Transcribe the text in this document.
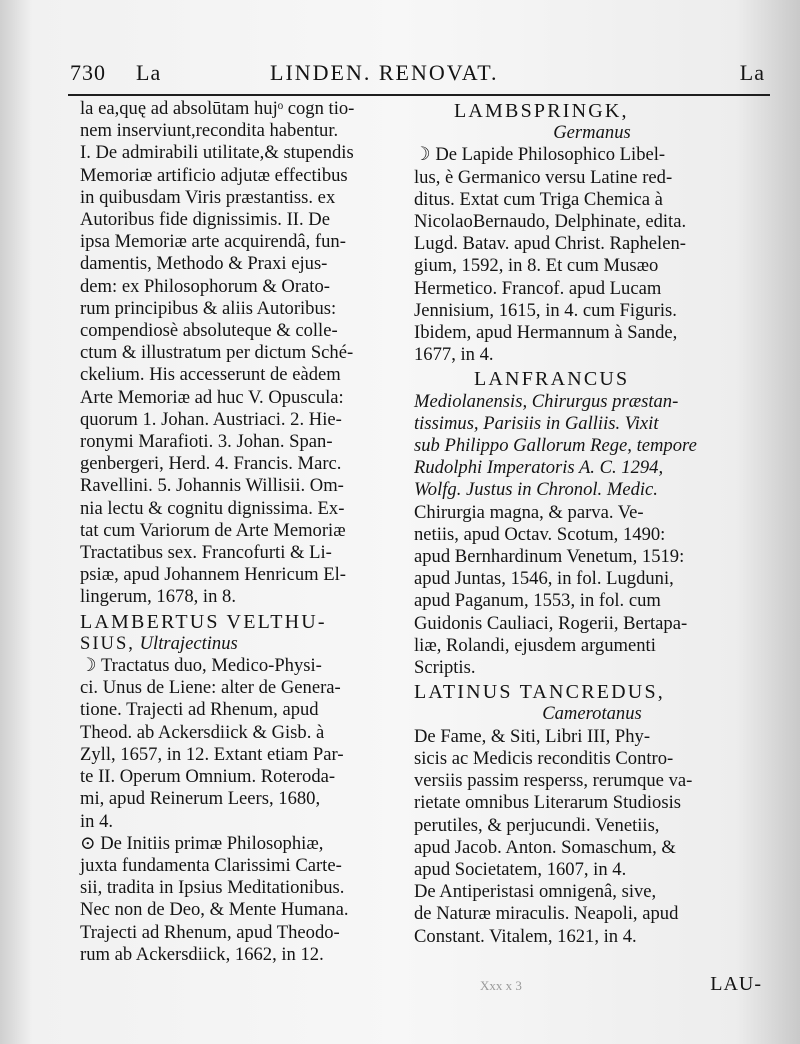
730 La	LINDEN. RENOVAT.	La
la ea,quę ad absolūtam hujᵒ cogn tio-
nem inserviunt,recondita habentur.
I. De admirabili utilitate,& stupendis
Memoriæ artificio adjutæ effectibus
in quibusdam Viris præstantiss. ex
Autoribus fide dignissimis. II. De
ipsa Memoriæ arte acquirendâ, fun-
damentis, Methodo & Praxi ejus-
dem: ex Philosophorum & Orato-
rum principibus & aliis Autoribus:
compendiosè absoluteque & colle-
ctum & illustratum per dictum Sché-
ckelium. His accesserunt de eàdem
Arte Memoriæ ad huc V. Opuscula:
quorum 1. Johan. Austriaci. 2. Hie-
ronymi Marafioti. 3. Johan. Span-
genbergeri, Herd. 4. Francis. Marc.
Ravellini. 5. Johannis Willisii. Om-
nia lectu & cognitu dignissima. Ex-
tat cum Variorum de Arte Memoriæ
Tractatibus sex. Francofurti & Li-
psiæ, apud Johannem Henricum El-
lingerum, 1678, in 8.
LAMBERTUS VELTHU-
SIUS, Ultrajectinus
☽ Tractatus duo, Medico-Physi-
ci. Unus de Liene: alter de Genera-
tione. Trajecti ad Rhenum, apud
Theod. ab Ackersdiick & Gisb. à
Zyll, 1657, in 12. Extant etiam Par-
te II. Operum Omnium. Roteroda-
mi, apud Reinerum Leers, 1680,
in 4.
⊙ De Initiis primæ Philosophiæ,
juxta fundamenta Clarissimi Carte-
sii, tradita in Ipsius Meditationibus.
Nec non de Deo, & Mente Humana.
Trajecti ad Rhenum, apud Theodo-
rum ab Ackersdiick, 1662, in 12.
LAMBSPRINGK,
Germanus
☽ De Lapide Philosophico Libel-
lus, è Germanico versu Latine red-
ditus. Extat cum Triga Chemica à
NicolaoBernaudo, Delphinate, edita.
Lugd. Batav. apud Christ. Raphelen-
gium, 1592, in 8. Et cum Musæo
Hermetico. Francof. apud Lucam
Jennisium, 1615, in 4. cum Figuris.
Ibidem, apud Hermannum à Sande,
1677, in 4.
LANFRANCUS
Mediolanensis, Chirurgus præstan-
tissimus, Parisiis in Galliis. Vixit
sub Philippo Gallorum Rege, tempore
Rudolphi Imperatoris A. C. 1294,
Wolfg. Justus in Chronol. Medic.
Chirurgia magna, & parva. Ve-
netiis, apud Octav. Scotum, 1490:
apud Bernhardinum Venetum, 1519:
apud Juntas, 1546, in fol. Lugduni,
apud Paganum, 1553, in fol. cum
Guidonis Cauliaci, Rogerii, Bertapa-
liæ, Rolandi, ejusdem argumenti
Scriptis.
LATINUS TANCREDUS,
Camerotanus
De Fame, & Siti, Libri III, Phy-
sicis ac Medicis reconditis Contro-
versiis passim resperss, rerumque va-
rietate omnibus Literarum Studiosis
perutiles, & perjucundi. Venetiis,
apud Jacob. Anton. Somaschum, &
apud Societatem, 1607, in 4.
De Antiperistasi omnigenâ, sive,
de Naturæ miraculis. Neapoli, apud
Constant. Vitalem, 1621, in 4.
Xxx x 3	LAU-
